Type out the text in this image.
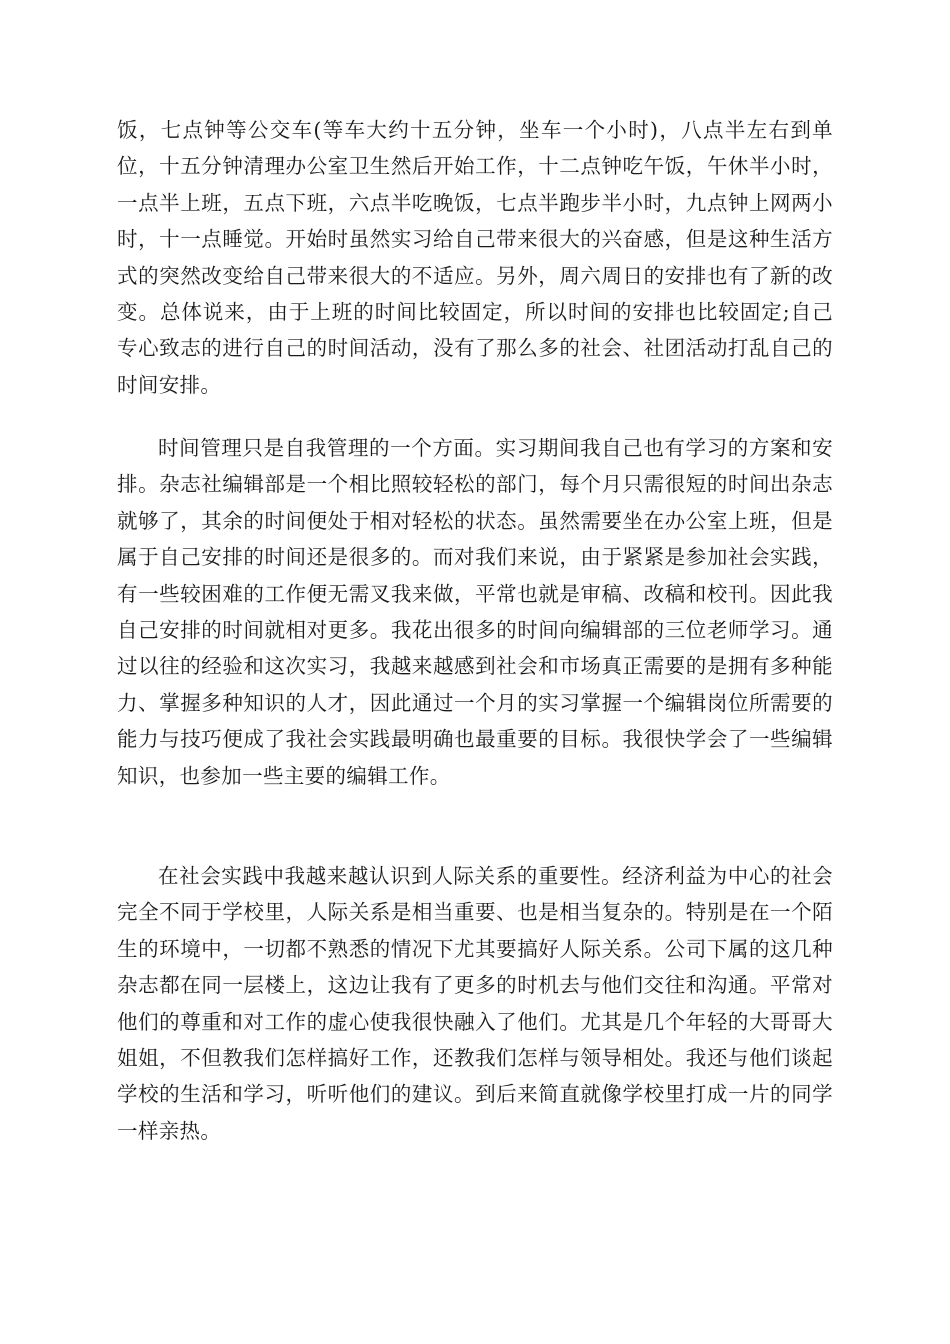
饭，七点钟等公交车(等车大约十五分钟，坐车一个小时)，八点半左右到单位，十五分钟清理办公室卫生然后开始工作，十二点钟吃午饭，午休半小时，一点半上班，五点下班，六点半吃晚饭，七点半跑步半小时，九点钟上网两小时，十一点睡觉。开始时虽然实习给自己带来很大的兴奋感，但是这种生活方式的突然改变给自己带来很大的不适应。另外，周六周日的安排也有了新的改变。总体说来，由于上班的时间比较固定，所以时间的安排也比较固定;自己专心致志的进行自己的时间活动，没有了那么多的社会、社团活动打乱自己的时间安排。

时间管理只是自我管理的一个方面。实习期间我自己也有学习的方案和安排。杂志社编辑部是一个相比照较轻松的部门，每个月只需很短的时间出杂志就够了，其余的时间便处于相对轻松的状态。虽然需要坐在办公室上班，但是属于自己安排的时间还是很多的。而对我们来说，由于紧紧是参加社会实践，有一些较困难的工作便无需叉我来做，平常也就是审稿、改稿和校刊。因此我自己安排的时间就相对更多。我花出很多的时间向编辑部的三位老师学习。通过以往的经验和这次实习，我越来越感到社会和市场真正需要的是拥有多种能力、掌握多种知识的人才，因此通过一个月的实习掌握一个编辑岗位所需要的能力与技巧便成了我社会实践最明确也最重要的目标。我很快学会了一些编辑知识，也参加一些主要的编辑工作。

在社会实践中我越来越认识到人际关系的重要性。经济利益为中心的社会完全不同于学校里，人际关系是相当重要、也是相当复杂的。特别是在一个陌生的环境中，一切都不熟悉的情况下尤其要搞好人际关系。公司下属的这几种杂志都在同一层楼上，这边让我有了更多的时机去与他们交往和沟通。平常对他们的尊重和对工作的虚心使我很快融入了他们。尤其是几个年轻的大哥哥大姐姐，不但教我们怎样搞好工作，还教我们怎样与领导相处。我还与他们谈起学校的生活和学习，听听他们的建议。到后来简直就像学校里打成一片的同学一样亲热。
